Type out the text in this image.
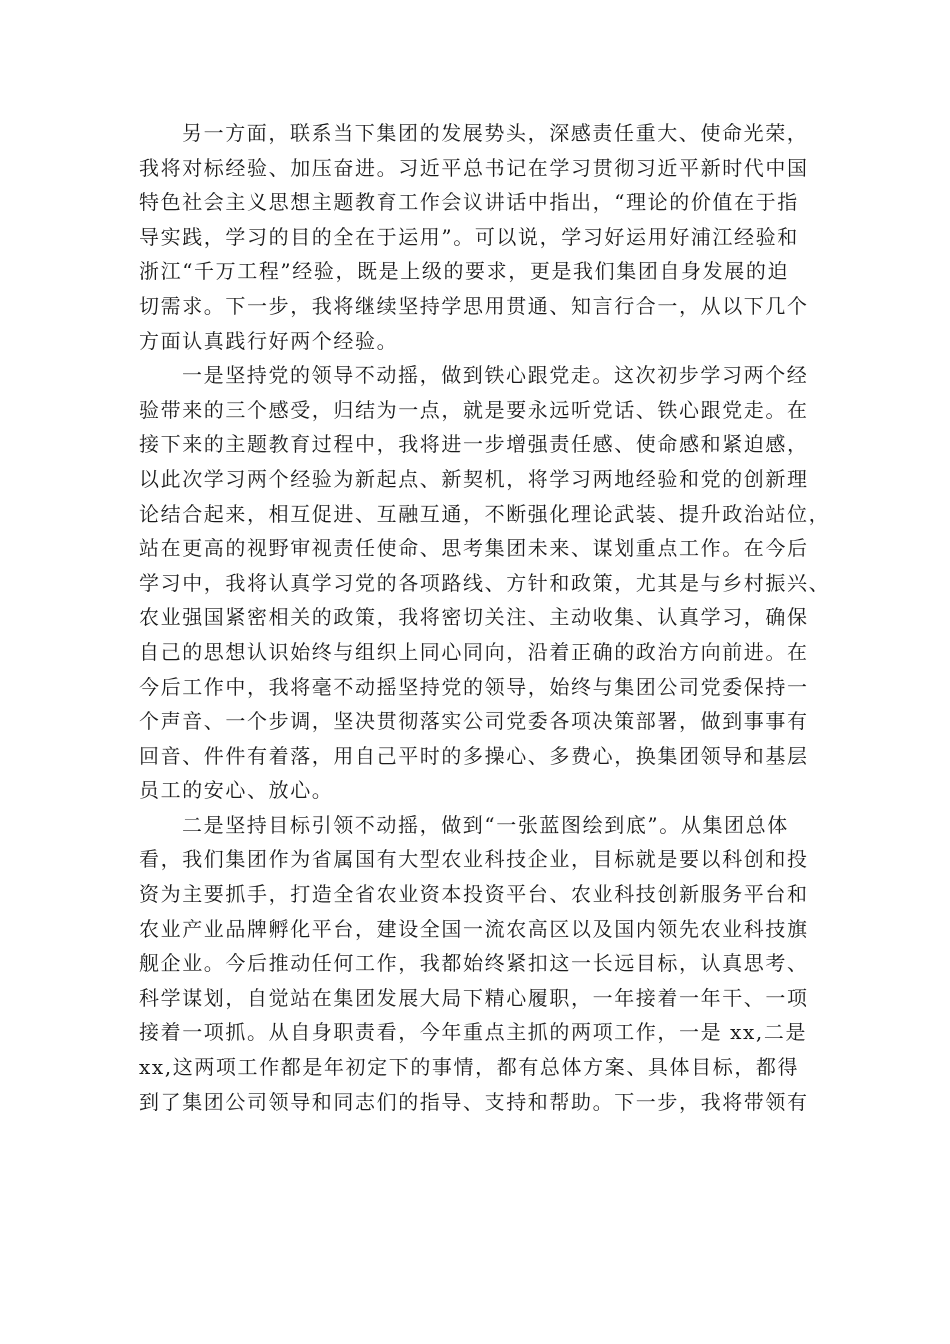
另一方面，联系当下集团的发展势头，深感责任重大、使命光荣，
我将对标经验、加压奋进。习近平总书记在学习贯彻习近平新时代中国
特色社会主义思想主题教育工作会议讲话中指出，“理论的价值在于指
导实践，学习的目的全在于运用”。可以说，学习好运用好浦江经验和
浙江“千万工程”经验，既是上级的要求，更是我们集团自身发展的迫
切需求。下一步，我将继续坚持学思用贯通、知言行合一，从以下几个
方面认真践行好两个经验。
一是坚持党的领导不动摇，做到铁心跟党走。这次初步学习两个经
验带来的三个感受，归结为一点，就是要永远听党话、铁心跟党走。在
接下来的主题教育过程中，我将进一步增强责任感、使命感和紧迫感，
以此次学习两个经验为新起点、新契机，将学习两地经验和党的创新理
论结合起来，相互促进、互融互通，不断强化理论武装、提升政治站位，
站在更高的视野审视责任使命、思考集团未来、谋划重点工作。在今后
学习中，我将认真学习党的各项路线、方针和政策，尤其是与乡村振兴、
农业强国紧密相关的政策，我将密切关注、主动收集、认真学习，确保
自己的思想认识始终与组织上同心同向，沿着正确的政治方向前进。在
今后工作中，我将毫不动摇坚持党的领导，始终与集团公司党委保持一
个声音、一个步调，坚决贯彻落实公司党委各项决策部署，做到事事有
回音、件件有着落，用自己平时的多操心、多费心，换集团领导和基层
员工的安心、放心。
二是坚持目标引领不动摇，做到“一张蓝图绘到底”。从集团总体
看，我们集团作为省属国有大型农业科技企业，目标就是要以科创和投
资为主要抓手，打造全省农业资本投资平台、农业科技创新服务平台和
农业产业品牌孵化平台，建设全国一流农高区以及国内领先农业科技旗
舰企业。今后推动任何工作，我都始终紧扣这一长远目标，认真思考、
科学谋划，自觉站在集团发展大局下精心履职，一年接着一年干、一项
接着一项抓。从自身职责看，今年重点主抓的两项工作，一是 xx,二是
xx,这两项工作都是年初定下的事情，都有总体方案、具体目标，都得
到了集团公司领导和同志们的指导、支持和帮助。下一步，我将带领有
